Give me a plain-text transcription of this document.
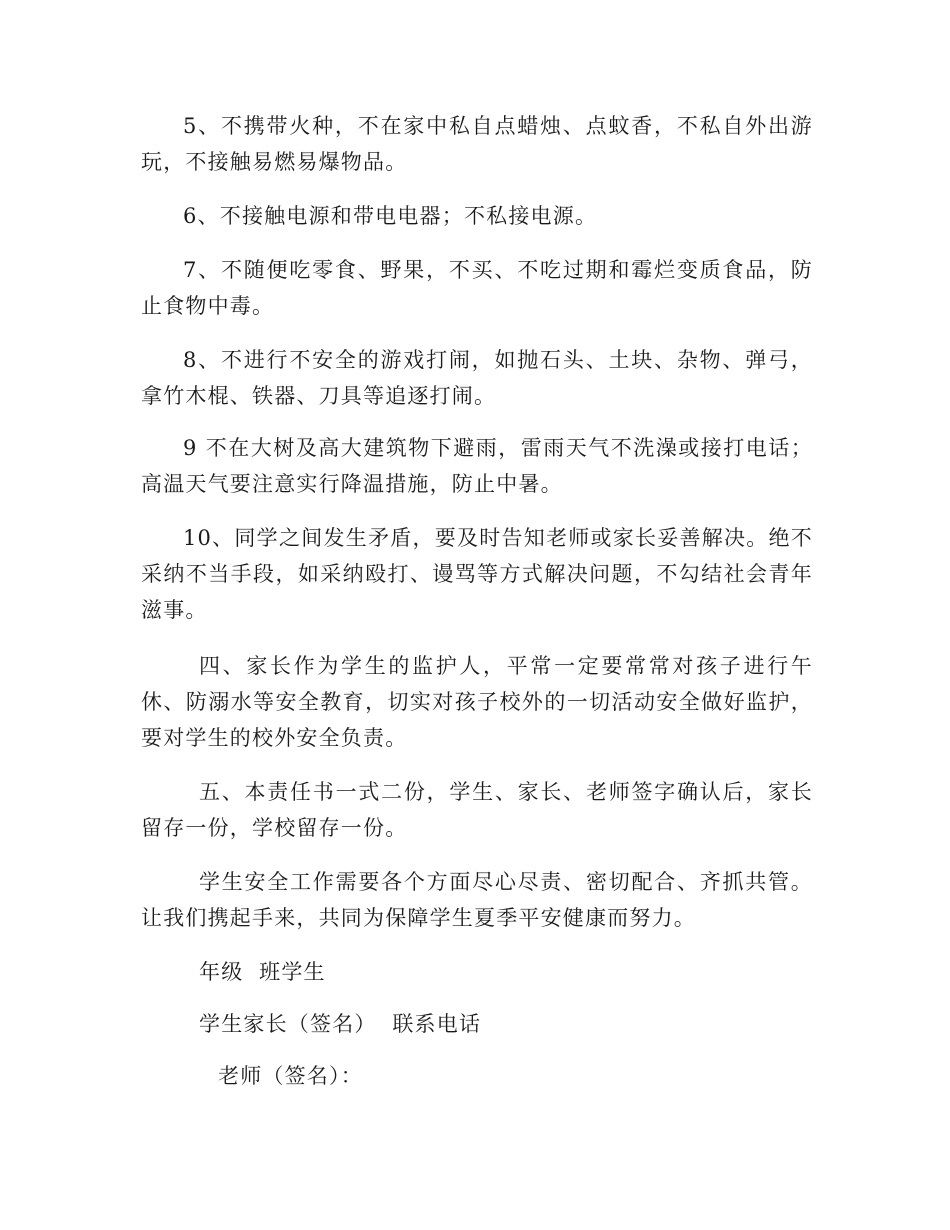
5、不携带火种，不在家中私自点蜡烛、点蚊香，不私自外出游玩，不接触易燃易爆物品。

6、不接触电源和带电电器；不私接电源。

7、不随便吃零食、野果，不买、不吃过期和霉烂变质食品，防止食物中毒。

8、不进行不安全的游戏打闹，如抛石头、土块、杂物、弹弓，拿竹木棍、铁器、刀具等追逐打闹。

9 不在大树及高大建筑物下避雨，雷雨天气不洗澡或接打电话；高温天气要注意实行降温措施，防止中暑。

10、同学之间发生矛盾，要及时告知老师或家长妥善解决。绝不采纳不当手段，如采纳殴打、谩骂等方式解决问题，不勾结社会青年滋事。

四、家长作为学生的监护人，平常一定要常常对孩子进行午休、防溺水等安全教育，切实对孩子校外的一切活动安全做好监护，要对学生的校外安全负责。

五、本责任书一式二份，学生、家长、老师签字确认后，家长留存一份，学校留存一份。

学生安全工作需要各个方面尽心尽责、密切配合、齐抓共管。让我们携起手来，共同为保障学生夏季平安健康而努力。

年级  班学生
学生家长（签名）  联系电话
老师（签名）：
